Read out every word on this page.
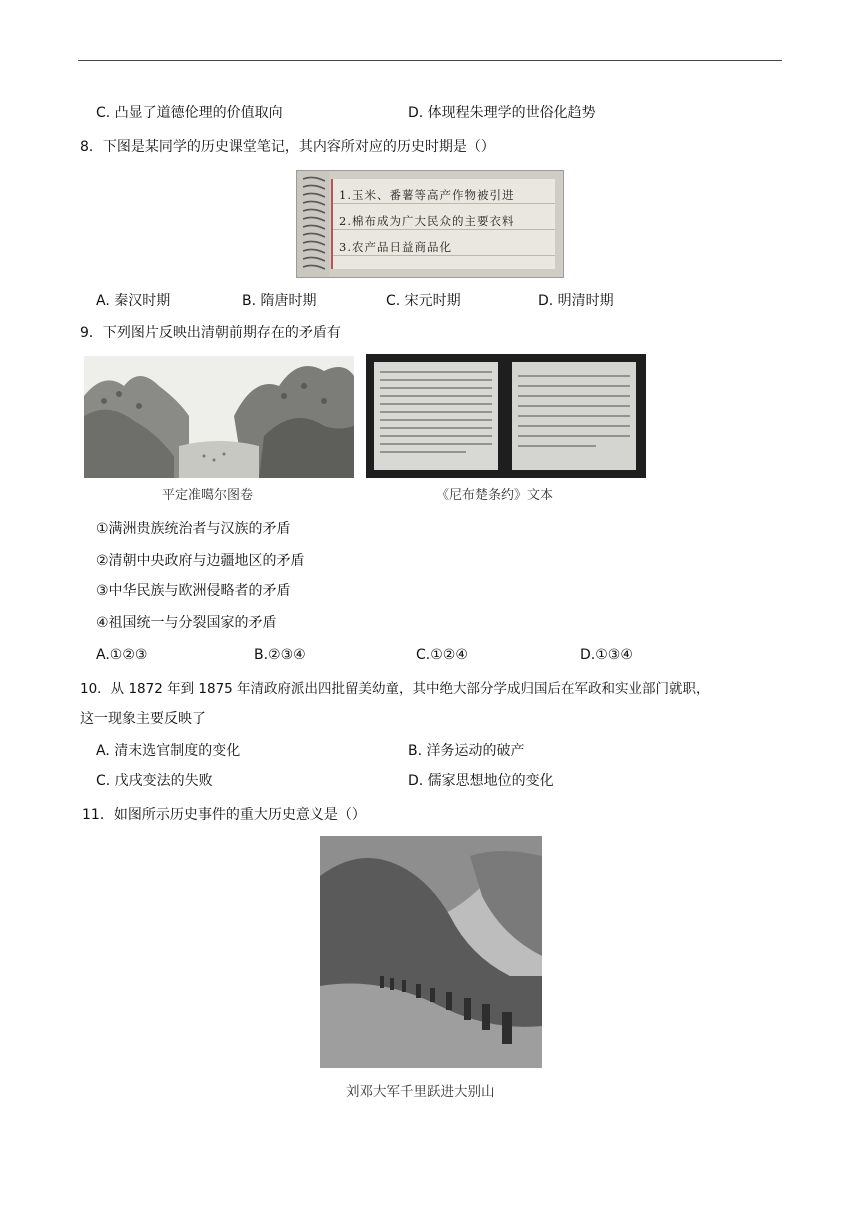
C. 凸显了道德伦理的价值取向	D. 体现程朱理学的世俗化趋势
8．下图是某同学的历史课堂笔记，其内容所对应的历史时期是（）
1.玉米、番薯等高产作物被引进
2.棉布成为广大民众的主要衣料
3.农产品日益商品化
A. 秦汉时期	B. 隋唐时期	C. 宋元时期	D. 明清时期
9．下列图片反映出清朝前期存在的矛盾有
平定准噶尔图卷	《尼布楚条约》文本
①满洲贵族统治者与汉族的矛盾
②清朝中央政府与边疆地区的矛盾
③中华民族与欧洲侵略者的矛盾
④祖国统一与分裂国家的矛盾
A.①②③	B.②③④	C.①②④	D.①③④
10．从 1872 年到 1875 年清政府派出四批留美幼童，其中绝大部分学成归国后在军政和实业部门就职，
这一现象主要反映了
A. 清末选官制度的变化	B. 洋务运动的破产
C. 戊戌变法的失败	D. 儒家思想地位的变化
11．如图所示历史事件的重大历史意义是（）
刘邓大军千里跃进大别山
